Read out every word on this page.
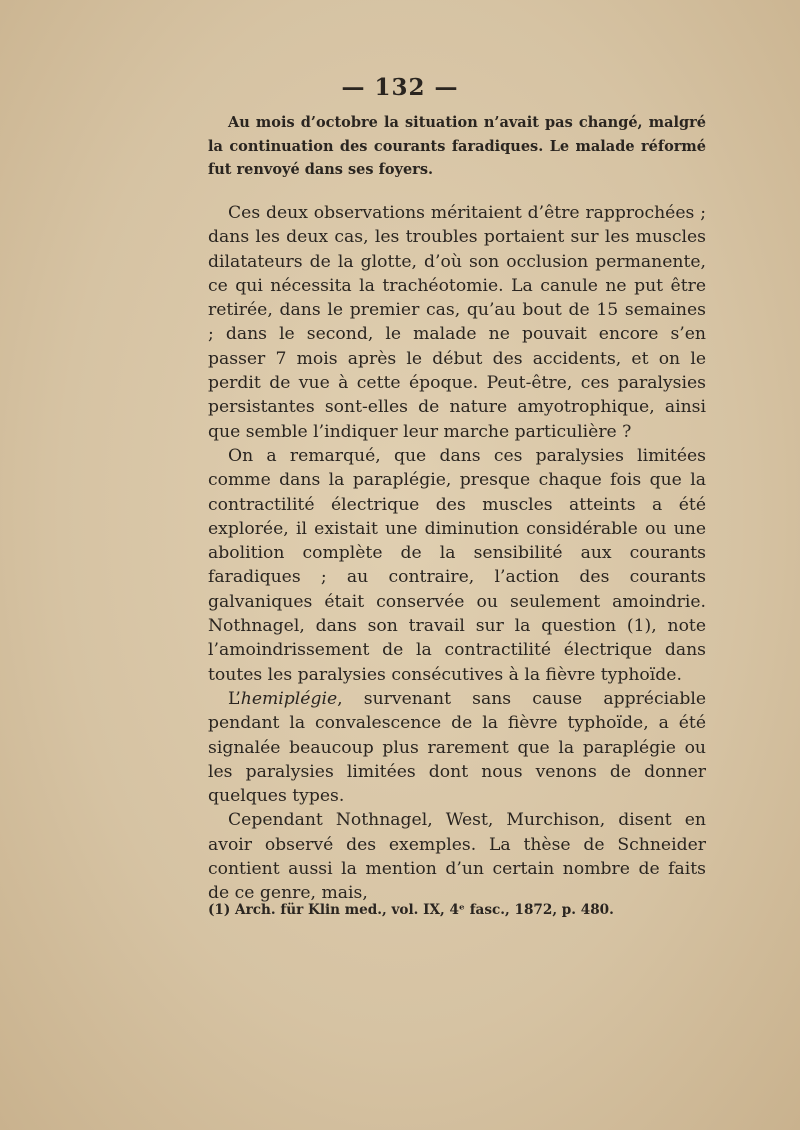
— 132 —

Au mois d’octobre la situation n’avait pas changé, malgré la continuation des courants faradiques. Le malade réformé fut renvoyé dans ses foyers.

Ces deux observations méritaient d’être rapprochées ; dans les deux cas, les troubles portaient sur les muscles dilatateurs de la glotte, d’où son occlusion permanente, ce qui nécessita la trachéotomie. La canule ne put être retirée, dans le premier cas, qu’au bout de 15 semaines ; dans le second, le malade ne pouvait encore s’en passer 7 mois après le début des accidents, et on le perdit de vue à cette époque. Peut-être, ces paralysies persistantes sont-elles de nature amyotrophique, ainsi que semble l’indiquer leur marche particulière ?

On a remarqué, que dans ces paralysies limitées comme dans la paraplégie, presque chaque fois que la contractilité électrique des muscles atteints a été explorée, il existait une diminution considérable ou une abolition complète de la sensibilité aux courants faradiques ; au contraire, l’action des courants galvaniques était conservée ou seulement amoindrie. Nothnagel, dans son travail sur la question (1), note l’amoindrissement de la contractilité électrique dans toutes les paralysies consécutives à la fièvre typhoïde.

L’hemiplégie, survenant sans cause appréciable pendant la convalescence de la fièvre typhoïde, a été signalée beaucoup plus rarement que la paraplégie ou les paralysies limitées dont nous venons de donner quelques types.

Cependant Nothnagel, West, Murchison, disent en avoir observé des exemples. La thèse de Schneider contient aussi la mention d’un certain nombre de faits de ce genre, mais,

(1) Arch. für Klin med., vol. IX, 4ᵉ fasc., 1872, p. 480.
